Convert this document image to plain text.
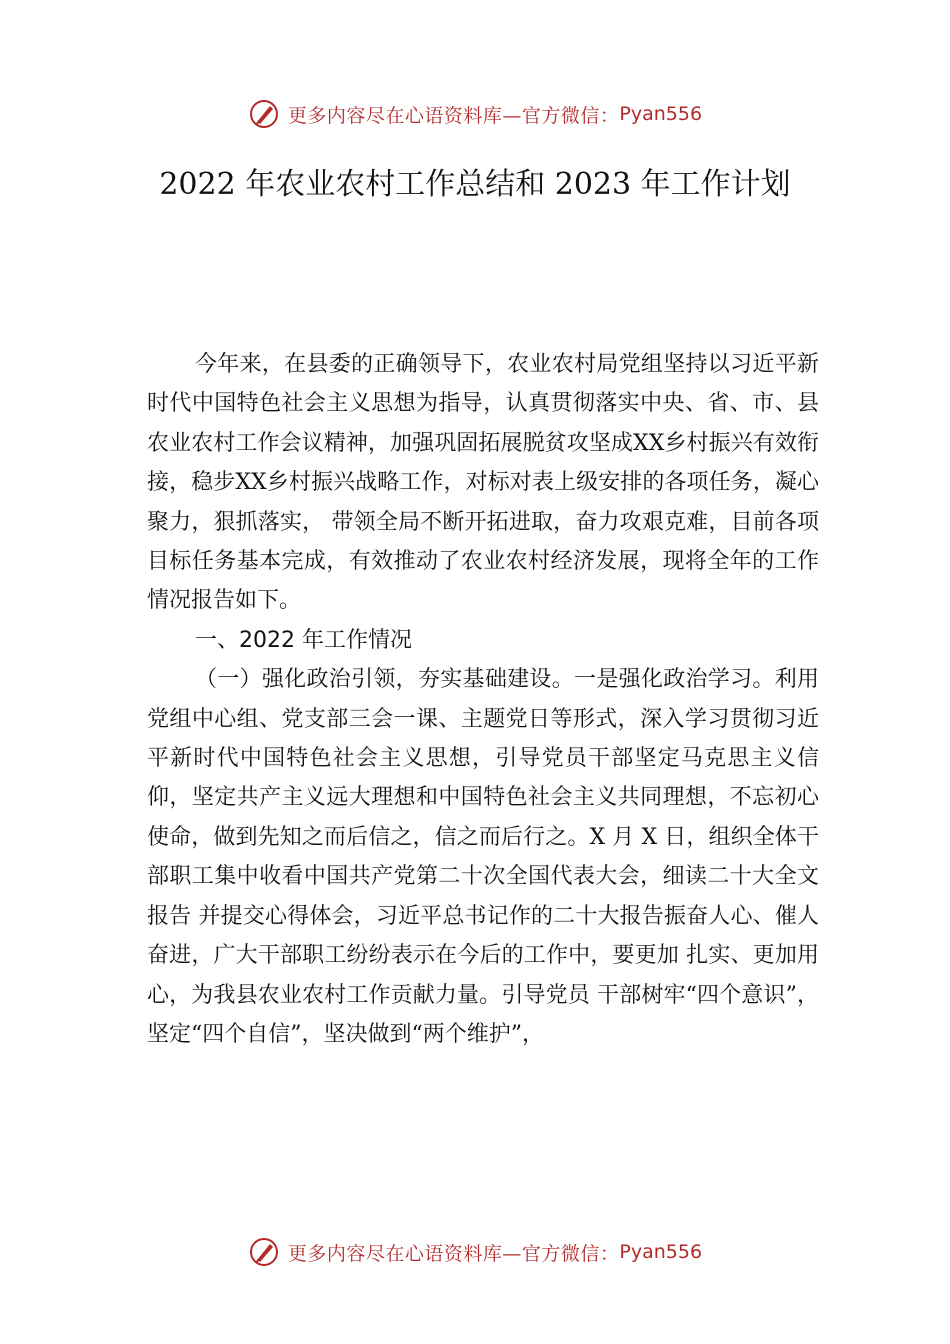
更多内容尽在心语资料库—官方微信： Pyan556
2022 年农业农村工作总结和 2023 年工作计划

今年来，在县委的正确领导下，农业农村局党组坚持以习近平新时代中国特色社会主义思想为指导，认真贯彻落实中央、省、市、县农业农村工作会议精神，加强巩固拓展脱贫攻坚成XX乡村振兴有效衔接，稳步XX乡村振兴战略工作，对标对表上级安排的各项任务，凝心聚力，狠抓落实， 带领全局不断开拓进取，奋力攻艰克难，目前各项目标任务基本完成，有效推动了农业农村经济发展，现将全年的工作情况报告如下。

一、2022 年工作情况

（一）强化政治引领，夯实基础建设。一是强化政治学习。利用党组中心组、党支部三会一课、主题党日等形式，深入学习贯彻习近平新时代中国特色社会主义思想，引导党员干部坚定马克思主义信仰，坚定共产主义远大理想和中国特色社会主义共同理想，不忘初心使命，做到先知之而后信之，信之而后行之。X 月 X 日，组织全体干部职工集中收看中国共产党第二十次全国代表大会，细读二十大全文报告 并提交心得体会，习近平总书记作的二十大报告振奋人心、催人奋进，广大干部职工纷纷表示在今后的工作中，要更加 扎实、更加用心，为我县农业农村工作贡献力量。引导党员 干部树牢“四个意识”，坚定“四个自信”，坚决做到“两个维护”，

更多内容尽在心语资料库—官方微信： Pyan556
